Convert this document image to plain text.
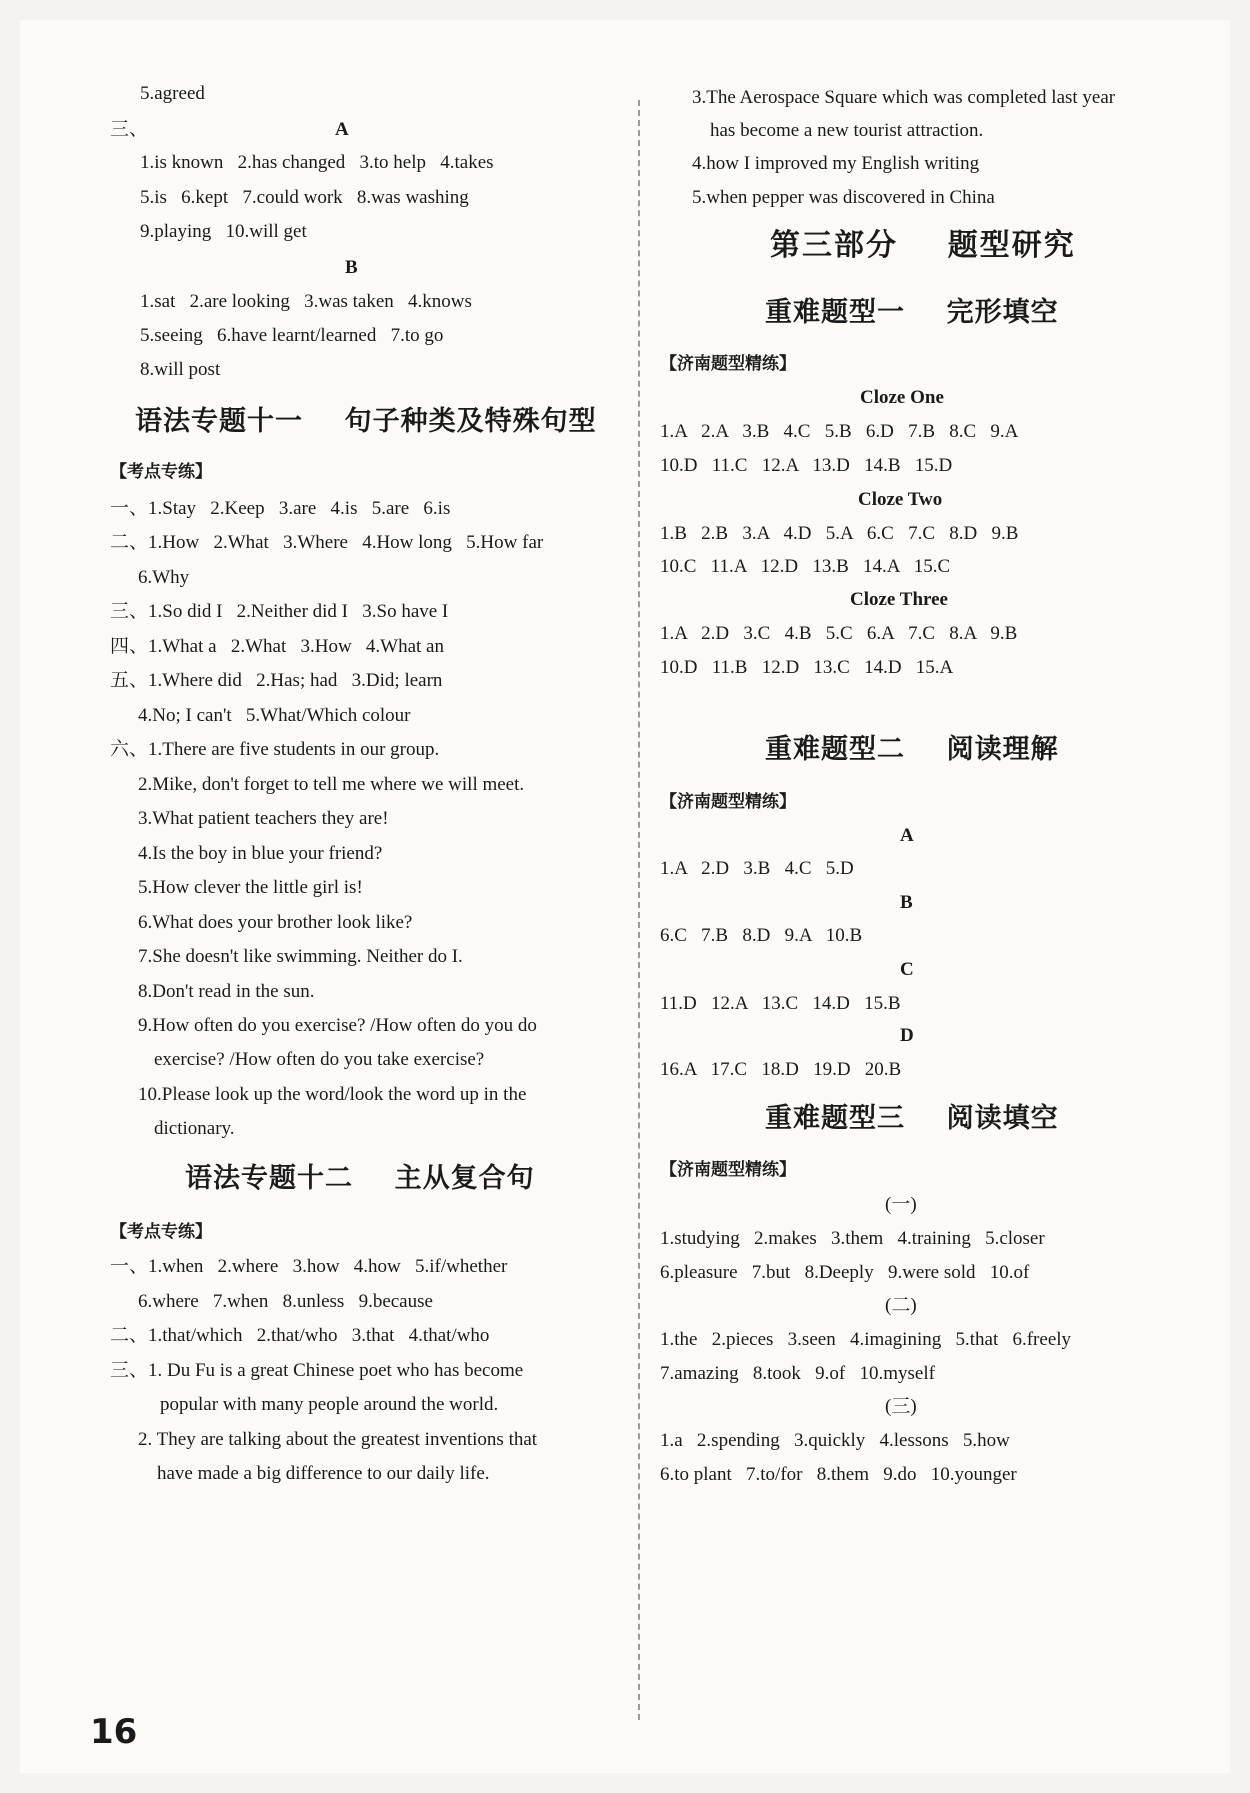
5.agreed
三、	A
1.is known   2.has changed   3.to help   4.takes
5.is   6.kept   7.could work   8.was washing
9.playing   10.will get
B
1.sat   2.are looking   3.was taken   4.knows
5.seeing   6.have learnt/learned   7.to go
8.will post
语法专题十一    句子种类及特殊句型
【考点专练】
一、1.Stay   2.Keep   3.are   4.is   5.are   6.is
二、1.How   2.What   3.Where   4.How long   5.How far
6.Why
三、1.So did I   2.Neither did I   3.So have I
四、1.What a   2.What   3.How   4.What an
五、1.Where did   2.Has; had   3.Did; learn
4.No; I can't   5.What/Which colour
六、1.There are five students in our group.
2.Mike, don't forget to tell me where we will meet.
3.What patient teachers they are!
4.Is the boy in blue your friend?
5.How clever the little girl is!
6.What does your brother look like?
7.She doesn't like swimming. Neither do I.
8.Don't read in the sun.
9.How often do you exercise? /How often do you do
exercise? /How often do you take exercise?
10.Please look up the word/look the word up in the
dictionary.
语法专题十二    主从复合句
【考点专练】
一、1.when   2.where   3.how   4.how   5.if/whether
6.where   7.when   8.unless   9.because
二、1.that/which   2.that/who   3.that   4.that/who
三、1. Du Fu is a great Chinese poet who has become
popular with many people around the world.
2. They are talking about the greatest inventions that
have made a big difference to our daily life.
3.The Aerospace Square which was completed last year
has become a new tourist attraction.
4.how I improved my English writing
5.when pepper was discovered in China
第三部分    题型研究
重难题型一    完形填空
【济南题型精练】
Cloze One
1.A   2.A   3.B   4.C   5.B   6.D   7.B   8.C   9.A
10.D   11.C   12.A   13.D   14.B   15.D
Cloze Two
1.B   2.B   3.A   4.D   5.A   6.C   7.C   8.D   9.B
10.C   11.A   12.D   13.B   14.A   15.C
Cloze Three
1.A   2.D   3.C   4.B   5.C   6.A   7.C   8.A   9.B
10.D   11.B   12.D   13.C   14.D   15.A
重难题型二    阅读理解
【济南题型精练】
A
1.A   2.D   3.B   4.C   5.D
B
6.C   7.B   8.D   9.A   10.B
C
11.D   12.A   13.C   14.D   15.B
D
16.A   17.C   18.D   19.D   20.B
重难题型三    阅读填空
【济南题型精练】
(一)
1.studying   2.makes   3.them   4.training   5.closer
6.pleasure   7.but   8.Deeply   9.were sold   10.of
(二)
1.the   2.pieces   3.seen   4.imagining   5.that   6.freely
7.amazing   8.took   9.of   10.myself
(三)
1.a   2.spending   3.quickly   4.lessons   5.how
6.to plant   7.to/for   8.them   9.do   10.younger
16
